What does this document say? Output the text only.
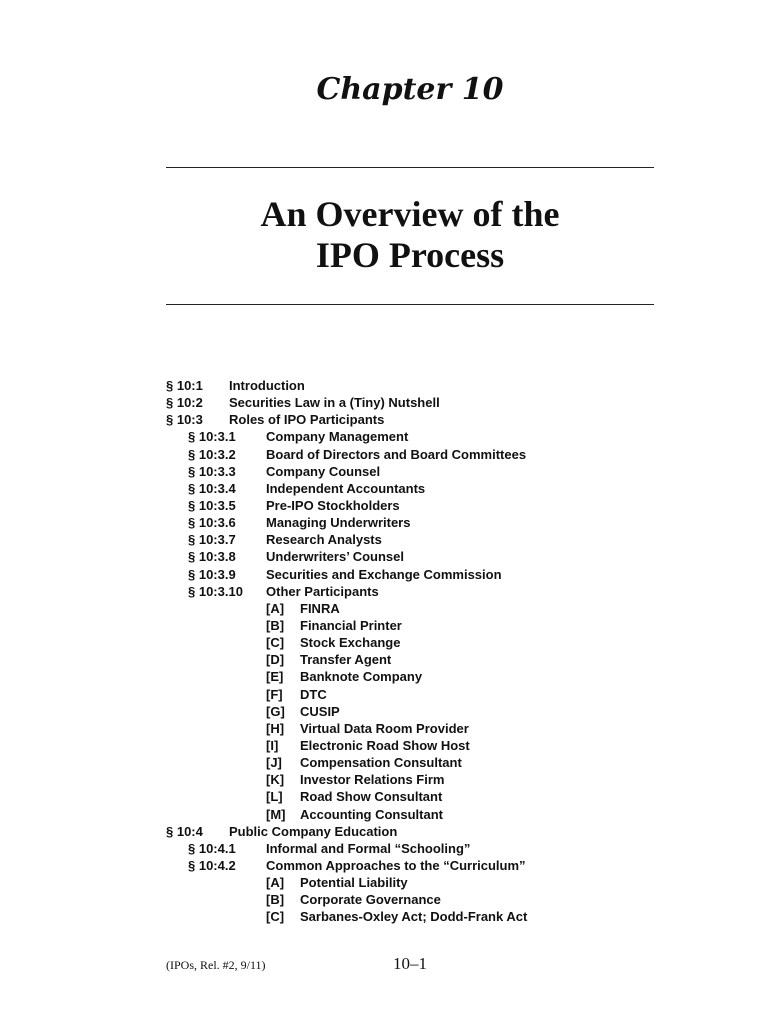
Chapter 10
An Overview of the
IPO Process
§ 10:1 Introduction
§ 10:2 Securities Law in a (Tiny) Nutshell
§ 10:3 Roles of IPO Participants
§ 10:3.1 Company Management
§ 10:3.2 Board of Directors and Board Committees
§ 10:3.3 Company Counsel
§ 10:3.4 Independent Accountants
§ 10:3.5 Pre-IPO Stockholders
§ 10:3.6 Managing Underwriters
§ 10:3.7 Research Analysts
§ 10:3.8 Underwriters’ Counsel
§ 10:3.9 Securities and Exchange Commission
§ 10:3.10 Other Participants
[A] FINRA
[B] Financial Printer
[C] Stock Exchange
[D] Transfer Agent
[E] Banknote Company
[F] DTC
[G] CUSIP
[H] Virtual Data Room Provider
[I] Electronic Road Show Host
[J] Compensation Consultant
[K] Investor Relations Firm
[L] Road Show Consultant
[M] Accounting Consultant
§ 10:4 Public Company Education
§ 10:4.1 Informal and Formal “Schooling”
§ 10:4.2 Common Approaches to the “Curriculum”
[A] Potential Liability
[B] Corporate Governance
[C] Sarbanes-Oxley Act; Dodd-Frank Act
(IPOs, Rel. #2, 9/11)	10–1
